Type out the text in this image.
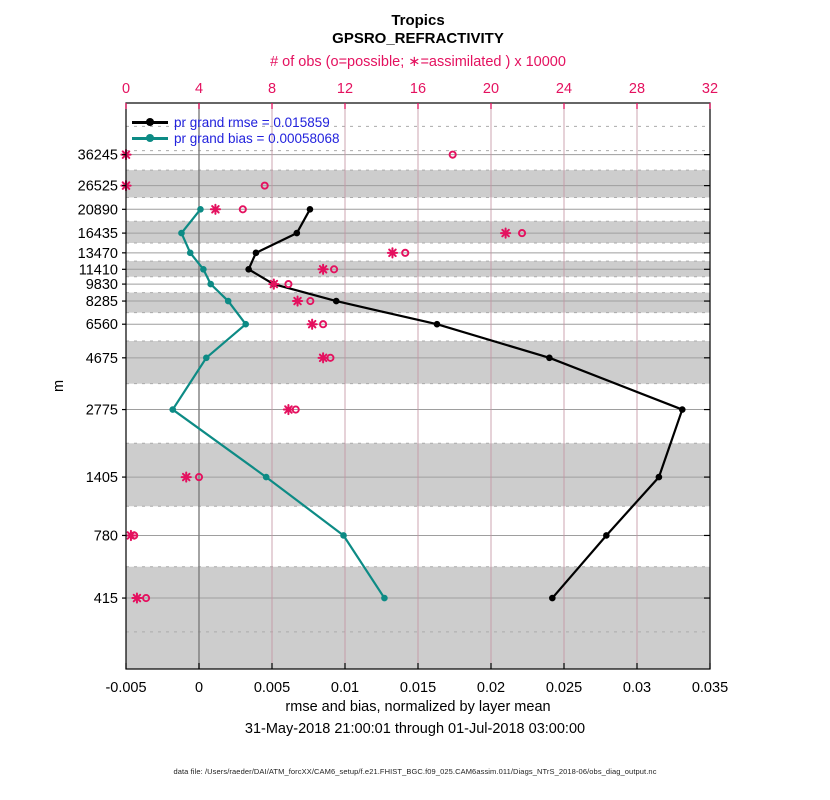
0	4	8	12	16	20	24	28	32
-0.005	0	0.005	0.01	0.015	0.02	0.025	0.03	0.035
36245
26525
20890
16435
13470
11410
9830
8285
6560
4675
2775
1405
780
415
m
Tropics
GPSRO_REFRACTIVITY
# of obs (o=possible; ∗=assimilated ) x 10000
rmse and bias, normalized by layer mean
31-May-2018 21:00:01 through 01-Jul-2018 03:00:00
data file: /Users/raeder/DAI/ATM_forcXX/CAM6_setup/f.e21.FHIST_BGC.f09_025.CAM6assim.011/Diags_NTrS_2018-06/obs_diag_output.nc
pr grand rmse = 0.015859
pr grand bias = 0.00058068
